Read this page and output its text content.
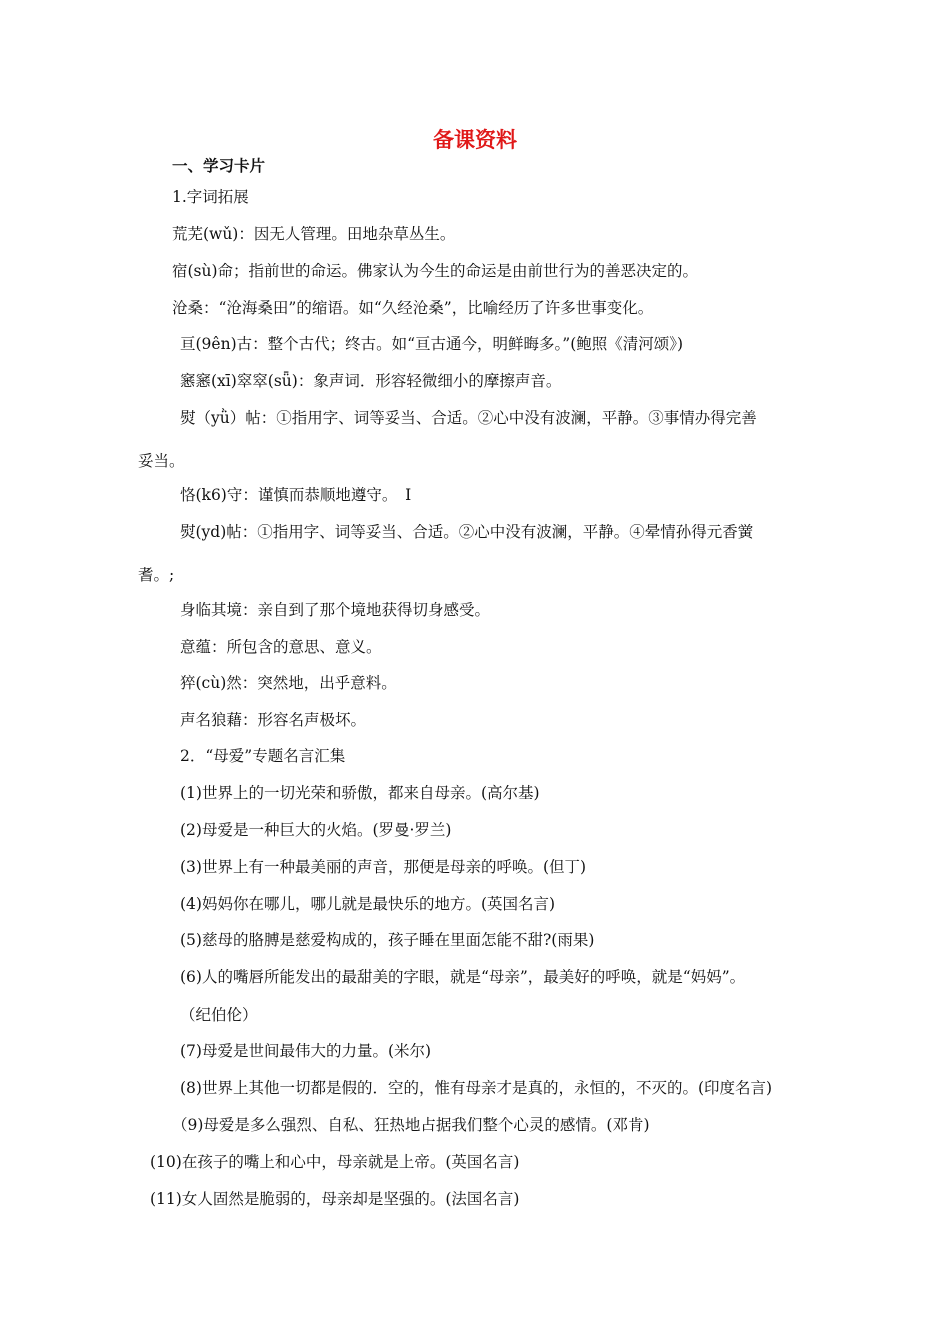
备课资料
一、学习卡片
1.字词拓展
荒芜(wǔ)：因无人管理。田地杂草丛生。
宿(sù)命；指前世的命运。佛家认为今生的命运是由前世行为的善恶决定的。
沧桑：“沧海桑田”的缩语。如“久经沧桑”，比喻经历了许多世事变化。
亘(9ên)古：整个古代；终古。如“亘古通今，明鲜晦多。”(鲍照《清河颂》)
窸窸(xī)窣窣(sǖ)：象声词．形容轻微细小的摩擦声音。
熨（yǜ）帖：①指用字、词等妥当、合适。②心中没有波澜，平静。③事情办得完善
妥当。
恪(k6)守：谨慎而恭顺地遵守。　I
熨(yd)帖：①指用字、词等妥当、合适。②心中没有波澜，平静。④晕情孙得元香黉
耆。;
身临其境：亲自到了那个境地获得切身感受。
意蕴：所包含的意思、意义。
猝(cù)然：突然地，出乎意料。
声名狼藉：形容名声极坏。
2．“母爱”专题名言汇集
(1)世界上的一切光荣和骄傲，都来自母亲。(高尔基)
(2)母爱是一种巨大的火焰。(罗曼·罗兰)
(3)世界上有一种最美丽的声音，那便是母亲的呼唤。(但丁)
(4)妈妈你在哪儿，哪儿就是最快乐的地方。(英国名言)
(5)慈母的胳膊是慈爱构成的，孩子睡在里面怎能不甜?(雨果)
(6)人的嘴唇所能发出的最甜美的字眼，就是“母亲”，最美好的呼唤，就是“妈妈”。
（纪伯伦）
(7)母爱是世间最伟大的力量。(米尔)
(8)世界上其他一切都是假的．空的，惟有母亲才是真的，永恒的，不灭的。(印度名言)
（9)母爱是多么强烈、自私、狂热地占据我们整个心灵的感情。(邓肯)
(10)在孩子的嘴上和心中，母亲就是上帝。(英国名言)
(11)女人固然是脆弱的，母亲却是坚强的。(法国名言)
